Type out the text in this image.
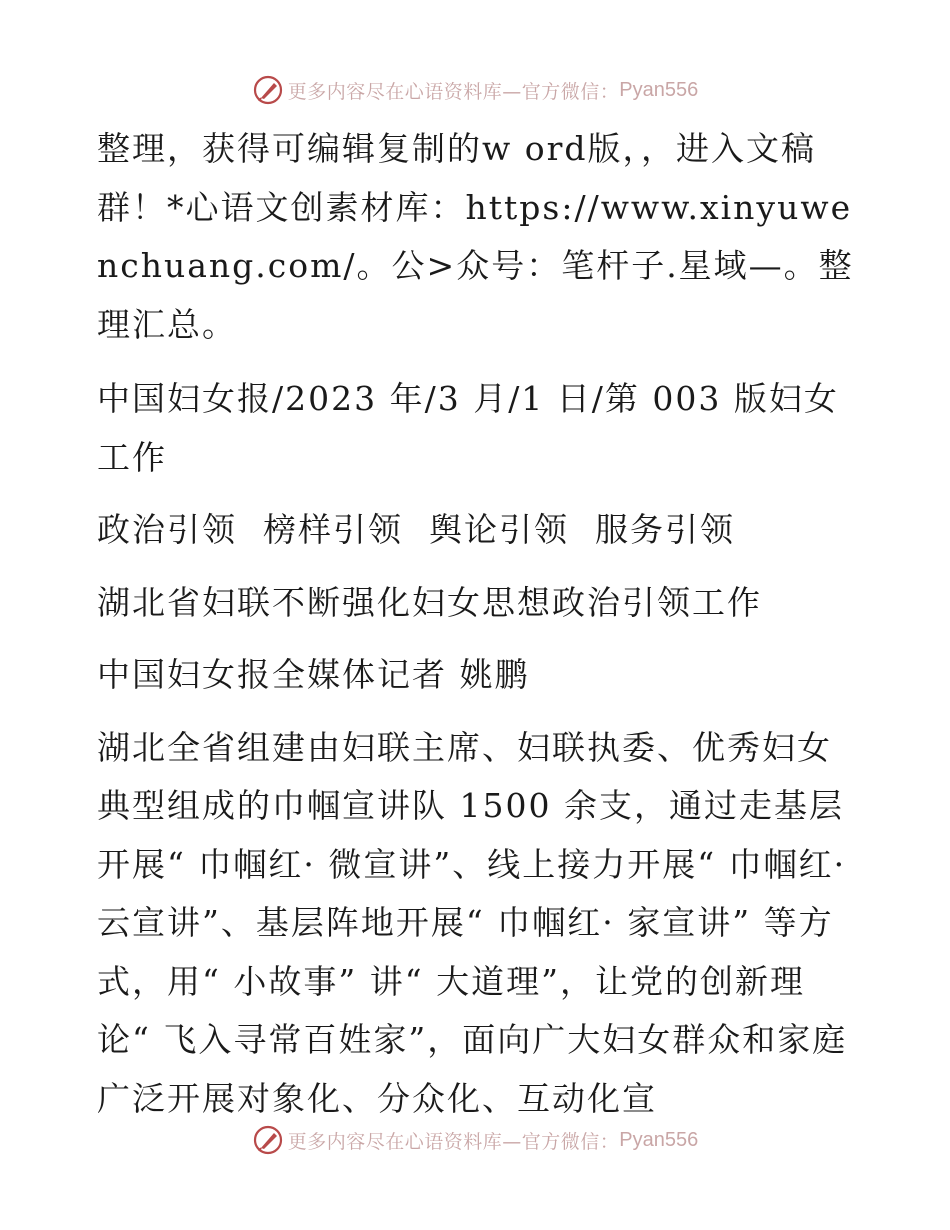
更多内容尽在心语资料库—官方微信： Pyan556

整理，获得可编辑复制的w ord版，，进入文稿群！*心语文创素材库：https://www.xinyuwenchuang.com/。公>众号：笔杆子.星域—。整理汇总。

中国妇女报/2023 年/3 月/1 日/第 003 版妇女工作

政治引领 榜样引领 舆论引领 服务引领

湖北省妇联不断强化妇女思想政治引领工作

中国妇女报全媒体记者 姚鹏

湖北全省组建由妇联主席、妇联执委、优秀妇女典型组成的巾帼宣讲队 1500 余支，通过走基层开展“ 巾帼红· 微宣讲”、线上接力开展“ 巾帼红· 云宣讲”、基层阵地开展“ 巾帼红· 家宣讲” 等方式，用“ 小故事” 讲“ 大道理”，让党的创新理论“ 飞入寻常百姓家”，面向广大妇女群众和家庭广泛开展对象化、分众化、互动化宣

更多内容尽在心语资料库—官方微信： Pyan556
